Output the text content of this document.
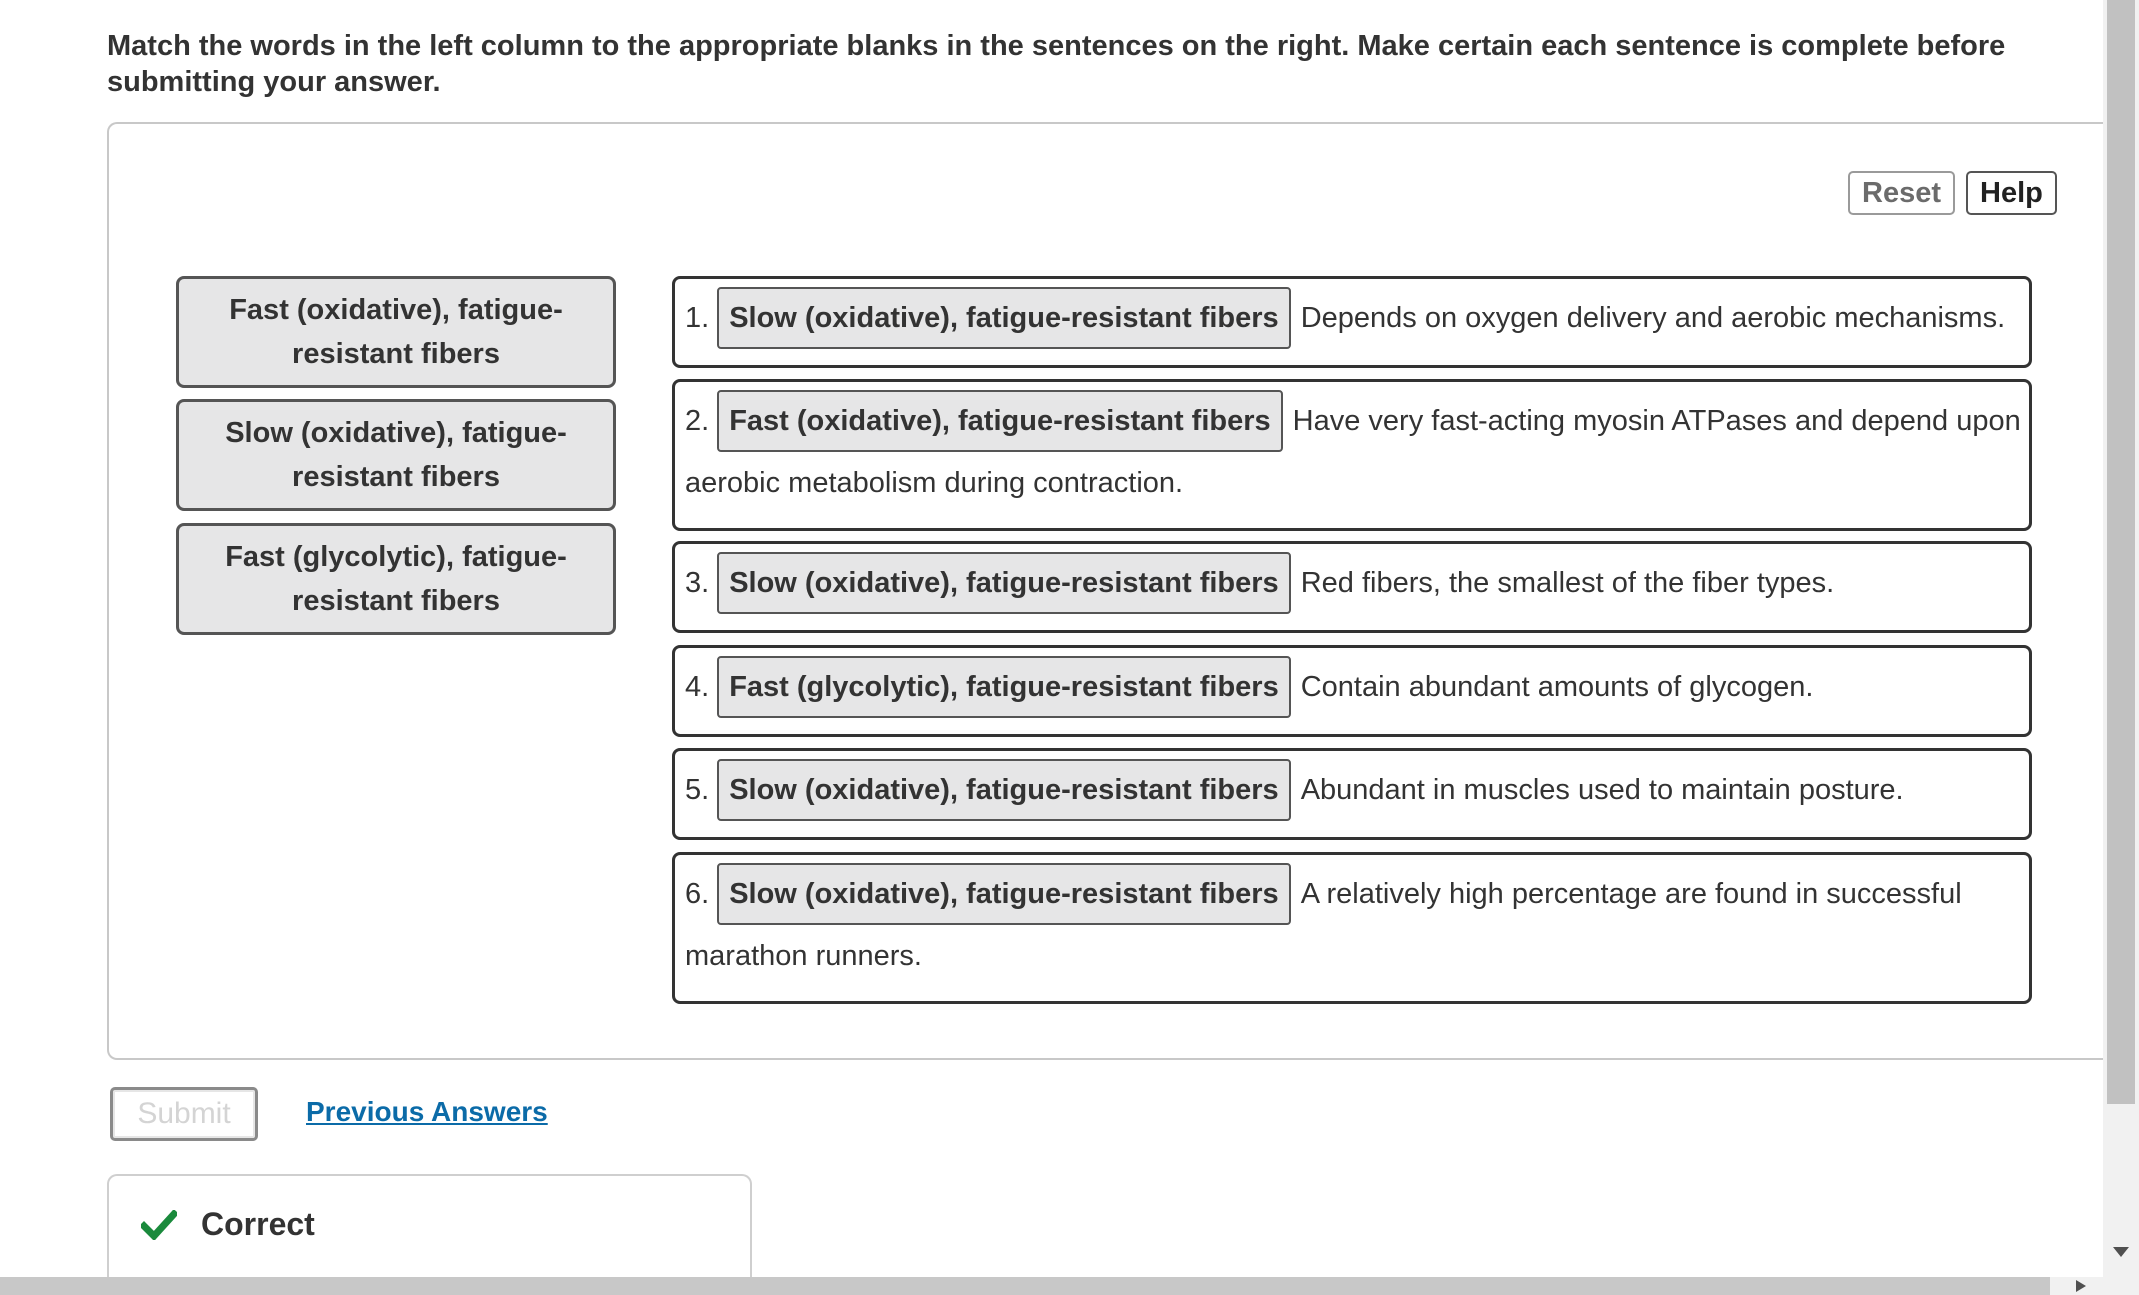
Match the words in the left column to the appropriate blanks in the sentences on the right. Make certain each sentence is complete before submitting your answer.
Reset	Help
Fast (oxidative), fatigue-resistant fibers
Slow (oxidative), fatigue-resistant fibers
Fast (glycolytic), fatigue-resistant fibers
1. Slow (oxidative), fatigue-resistant fibers Depends on oxygen delivery and aerobic mechanisms.
2. Fast (oxidative), fatigue-resistant fibers Have very fast-acting myosin ATPases and depend upon aerobic metabolism during contraction.
3. Slow (oxidative), fatigue-resistant fibers Red fibers, the smallest of the fiber types.
4. Fast (glycolytic), fatigue-resistant fibers Contain abundant amounts of glycogen.
5. Slow (oxidative), fatigue-resistant fibers Abundant in muscles used to maintain posture.
6. Slow (oxidative), fatigue-resistant fibers A relatively high percentage are found in successful marathon runners.
Submit	Previous Answers
Correct
